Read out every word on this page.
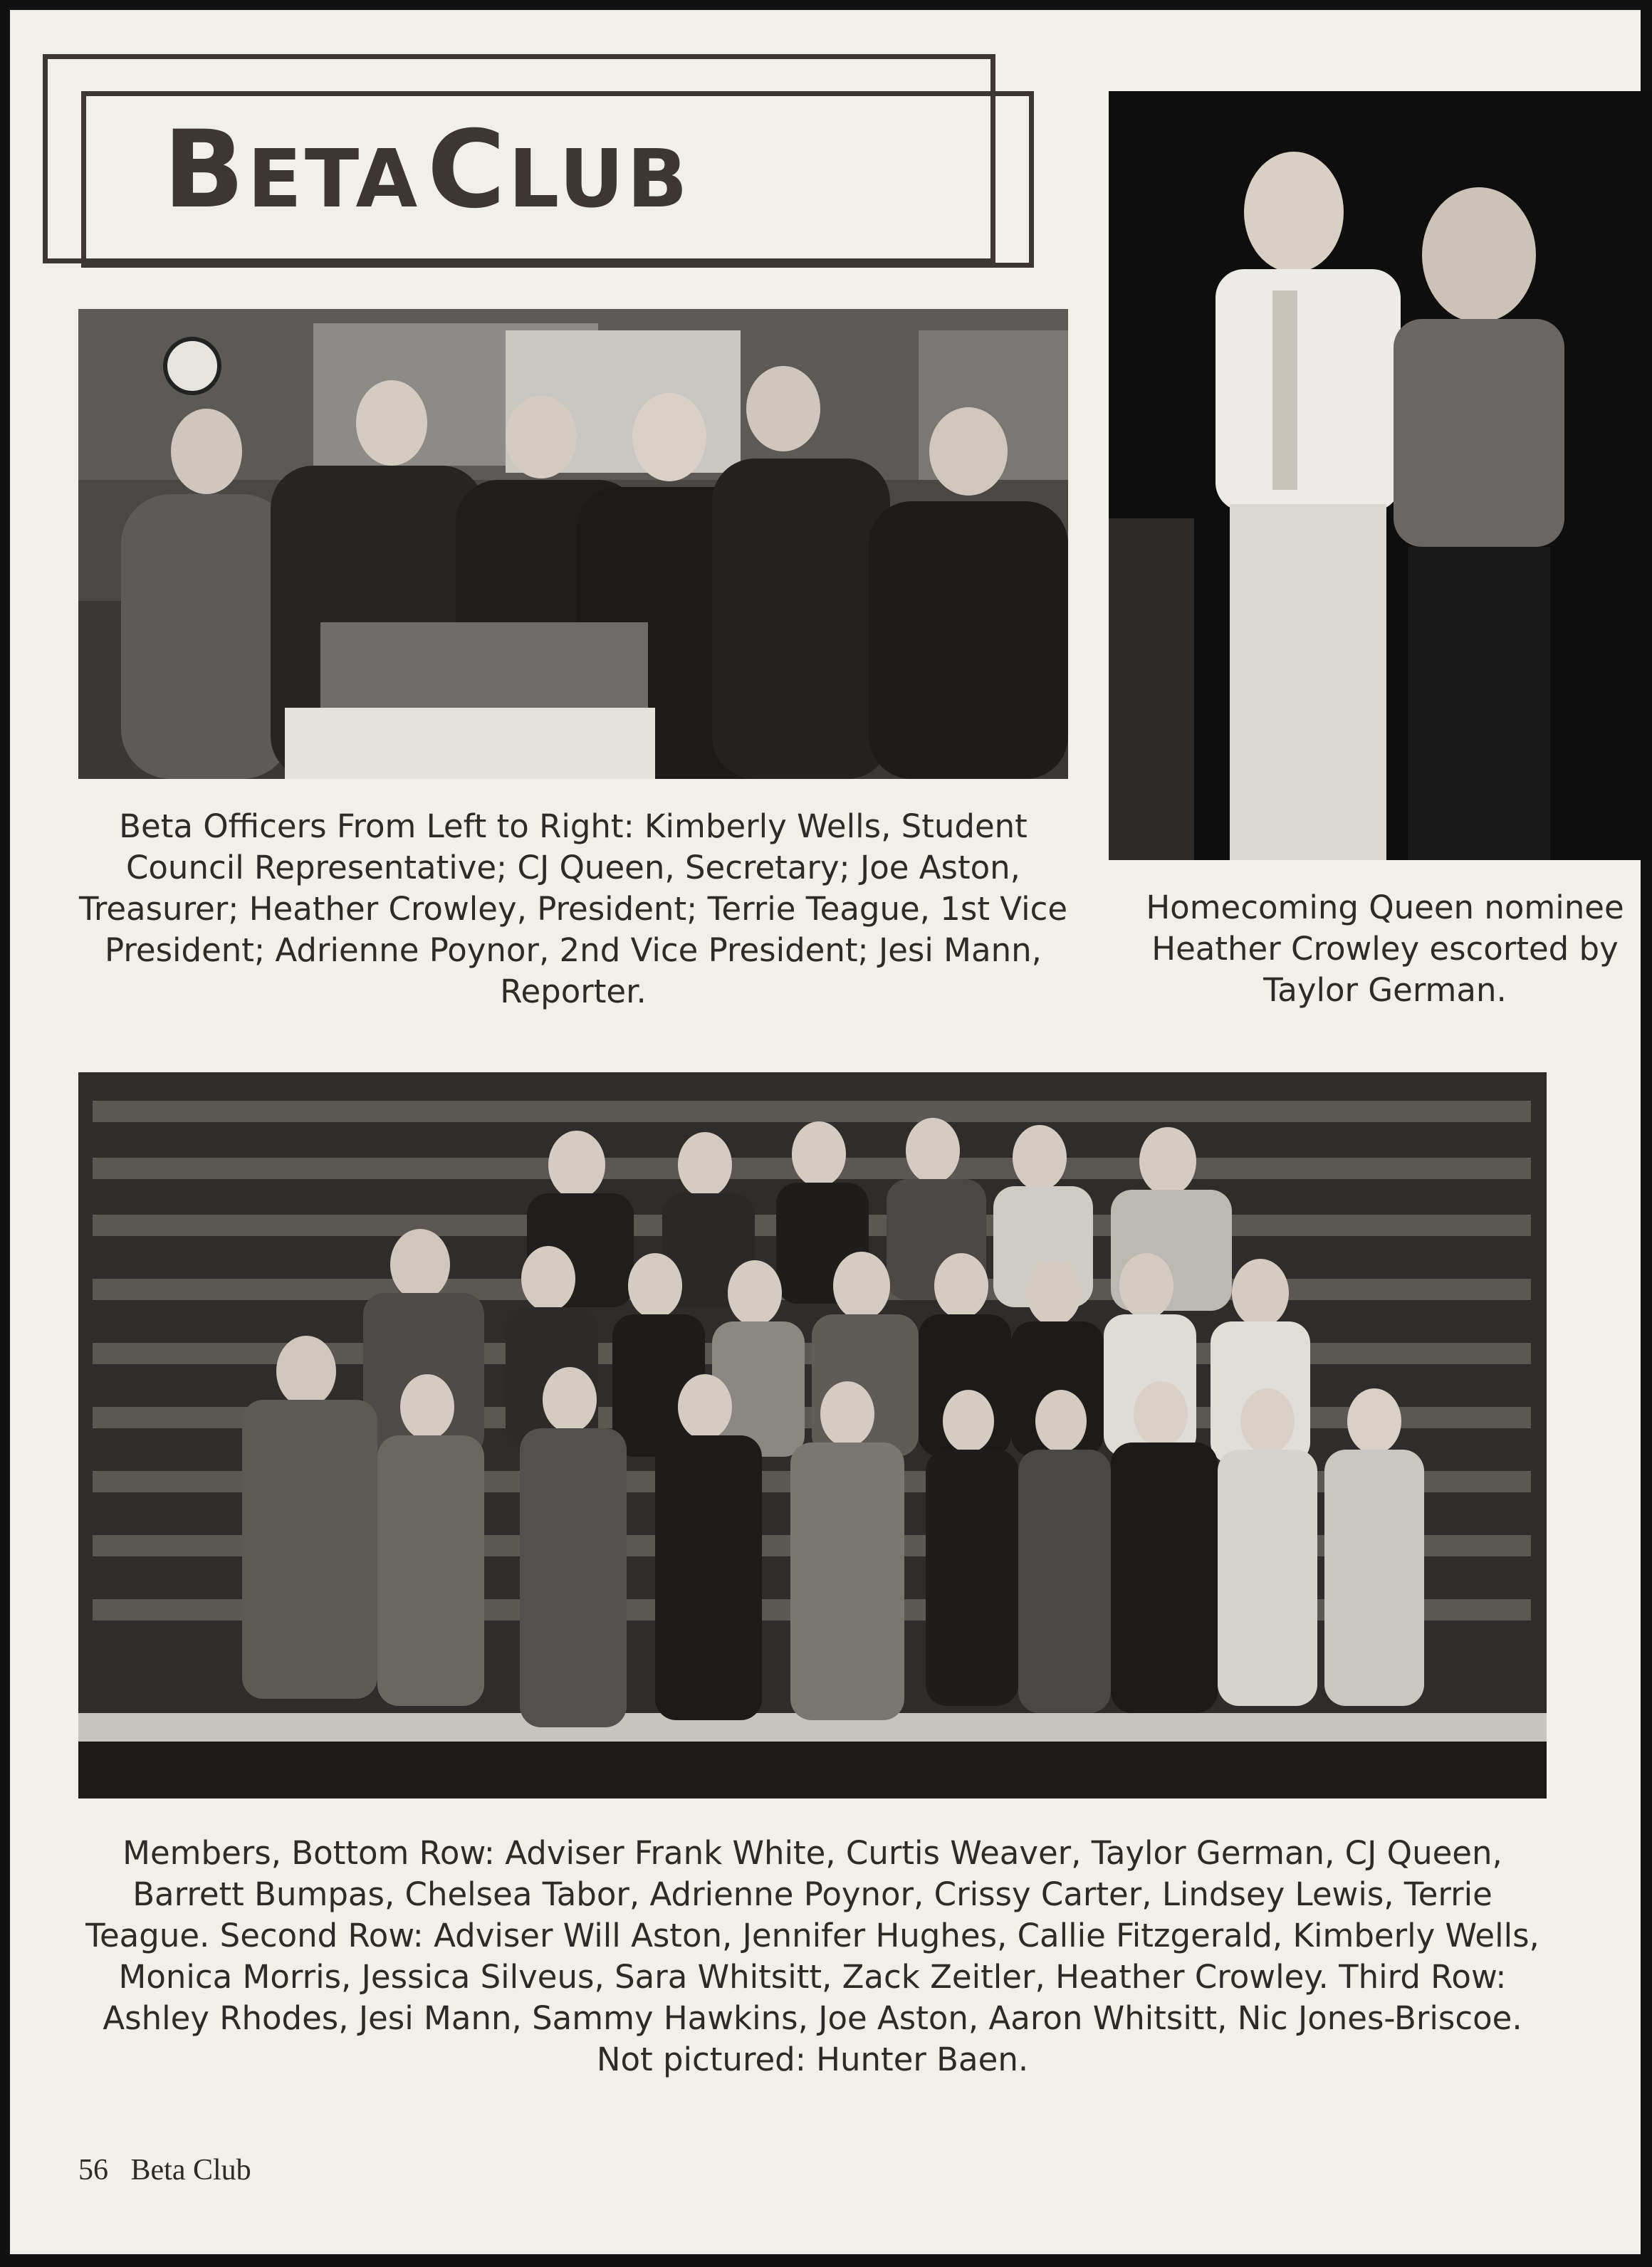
BETA CLUB
Beta Officers From Left to Right: Kimberly Wells, Student Council Representative; CJ Queen, Secretary; Joe Aston, Treasurer; Heather Crowley, President; Terrie Teague, 1st Vice President; Adrienne Poynor, 2nd Vice President; Jesi Mann, Reporter.
Homecoming Queen nominee Heather Crowley escorted by Taylor German.
Members, Bottom Row: Adviser Frank White, Curtis Weaver, Taylor German, CJ Queen, Barrett Bumpas, Chelsea Tabor, Adrienne Poynor, Crissy Carter, Lindsey Lewis, Terrie Teague. Second Row: Adviser Will Aston, Jennifer Hughes, Callie Fitzgerald, Kimberly Wells, Monica Morris, Jessica Silveus, Sara Whitsitt, Zack Zeitler, Heather Crowley. Third Row: Ashley Rhodes, Jesi Mann, Sammy Hawkins, Joe Aston, Aaron Whitsitt, Nic Jones-Briscoe. Not pictured: Hunter Baen.
56   Beta Club
